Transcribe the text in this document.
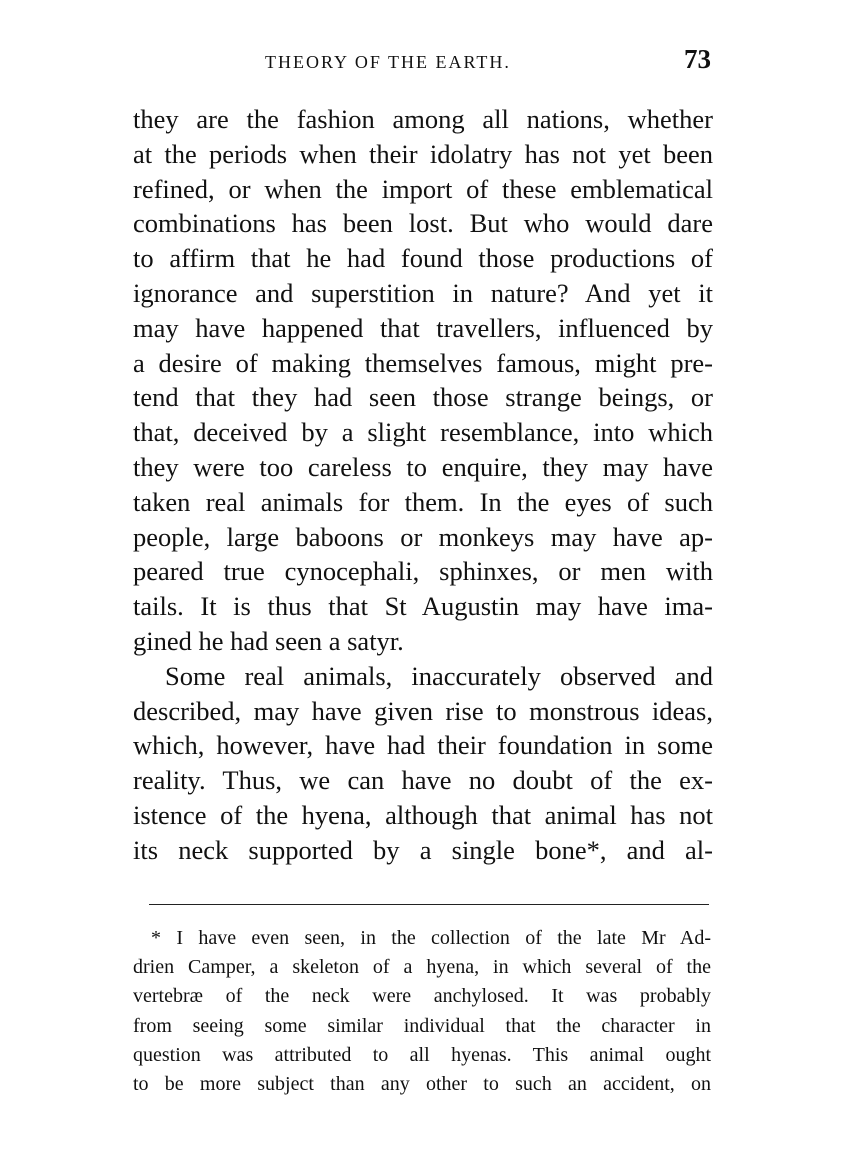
THEORY OF THE EARTH.	73
they are the fashion among all nations, whether
at the periods when their idolatry has not yet been
refined, or when the import of these emblematical
combinations has been lost. But who would dare
to affirm that he had found those productions of
ignorance and superstition in nature? And yet it
may have happened that travellers, influenced by
a desire of making themselves famous, might pre-
tend that they had seen those strange beings, or
that, deceived by a slight resemblance, into which
they were too careless to enquire, they may have
taken real animals for them. In the eyes of such
people, large baboons or monkeys may have ap-
peared true cynocephali, sphinxes, or men with
tails. It is thus that St Augustin may have ima-
gined he had seen a satyr.
Some real animals, inaccurately observed and
described, may have given rise to monstrous ideas,
which, however, have had their foundation in some
reality. Thus, we can have no doubt of the ex-
istence of the hyena, although that animal has not
its neck supported by a single bone*, and al-
* I have even seen, in the collection of the late Mr Ad-
drien Camper, a skeleton of a hyena, in which several of the
vertebræ of the neck were anchylosed. It was probably
from seeing some similar individual that the character in
question was attributed to all hyenas. This animal ought
to be more subject than any other to such an accident, on
